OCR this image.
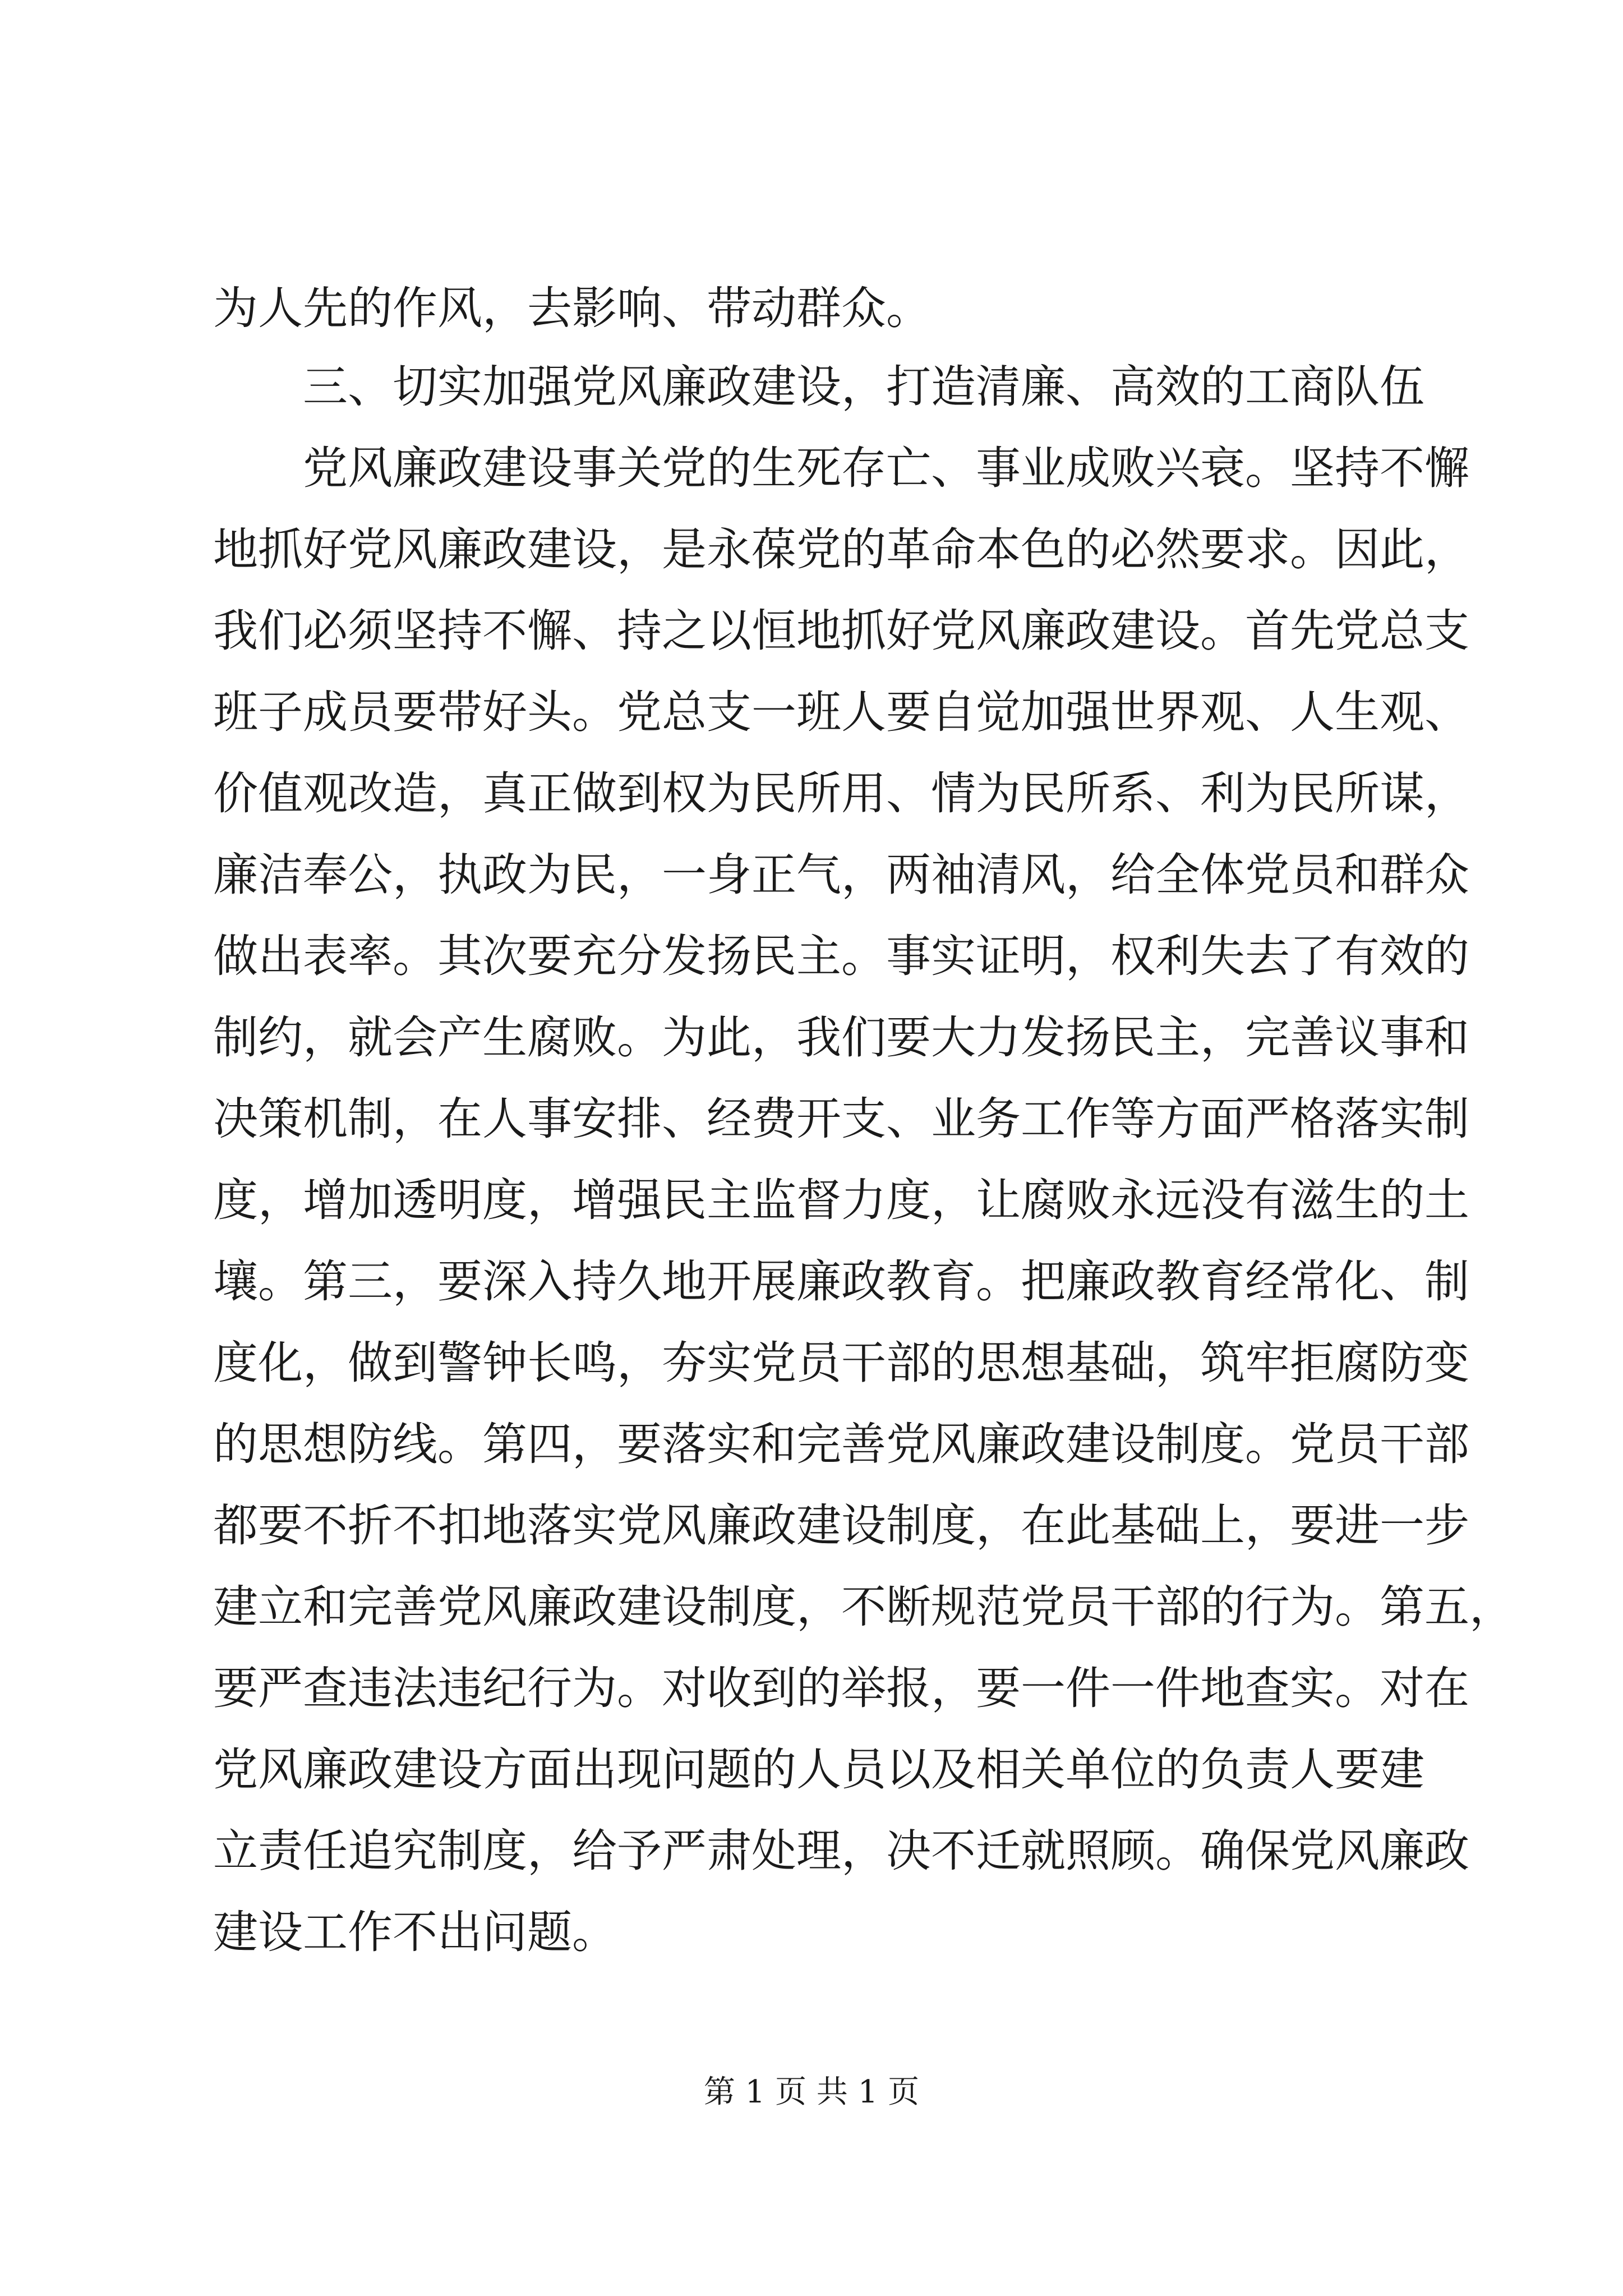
为人先的作风，去影响、带动群众。
三、切实加强党风廉政建设，打造清廉、高效的工商队伍
党风廉政建设事关党的生死存亡、事业成败兴衰。坚持不懈
地抓好党风廉政建设，是永葆党的革命本色的必然要求。因此，
我们必须坚持不懈、持之以恒地抓好党风廉政建设。首先党总支
班子成员要带好头。党总支一班人要自觉加强世界观、人生观、
价值观改造，真正做到权为民所用、情为民所系、利为民所谋，
廉洁奉公，执政为民，一身正气，两袖清风，给全体党员和群众
做出表率。其次要充分发扬民主。事实证明，权利失去了有效的
制约，就会产生腐败。为此，我们要大力发扬民主，完善议事和
决策机制，在人事安排、经费开支、业务工作等方面严格落实制
度，增加透明度，增强民主监督力度，让腐败永远没有滋生的土
壤。第三，要深入持久地开展廉政教育。把廉政教育经常化、制
度化，做到警钟长鸣，夯实党员干部的思想基础，筑牢拒腐防变
的思想防线。第四，要落实和完善党风廉政建设制度。党员干部
都要不折不扣地落实党风廉政建设制度，在此基础上，要进一步
建立和完善党风廉政建设制度，不断规范党员干部的行为。第五，
要严查违法违纪行为。对收到的举报，要一件一件地查实。对在
党风廉政建设方面出现问题的人员以及相关单位的负责人要建
立责任追究制度，给予严肃处理，决不迁就照顾。确保党风廉政
建设工作不出问题。
第 1 页 共 1 页
